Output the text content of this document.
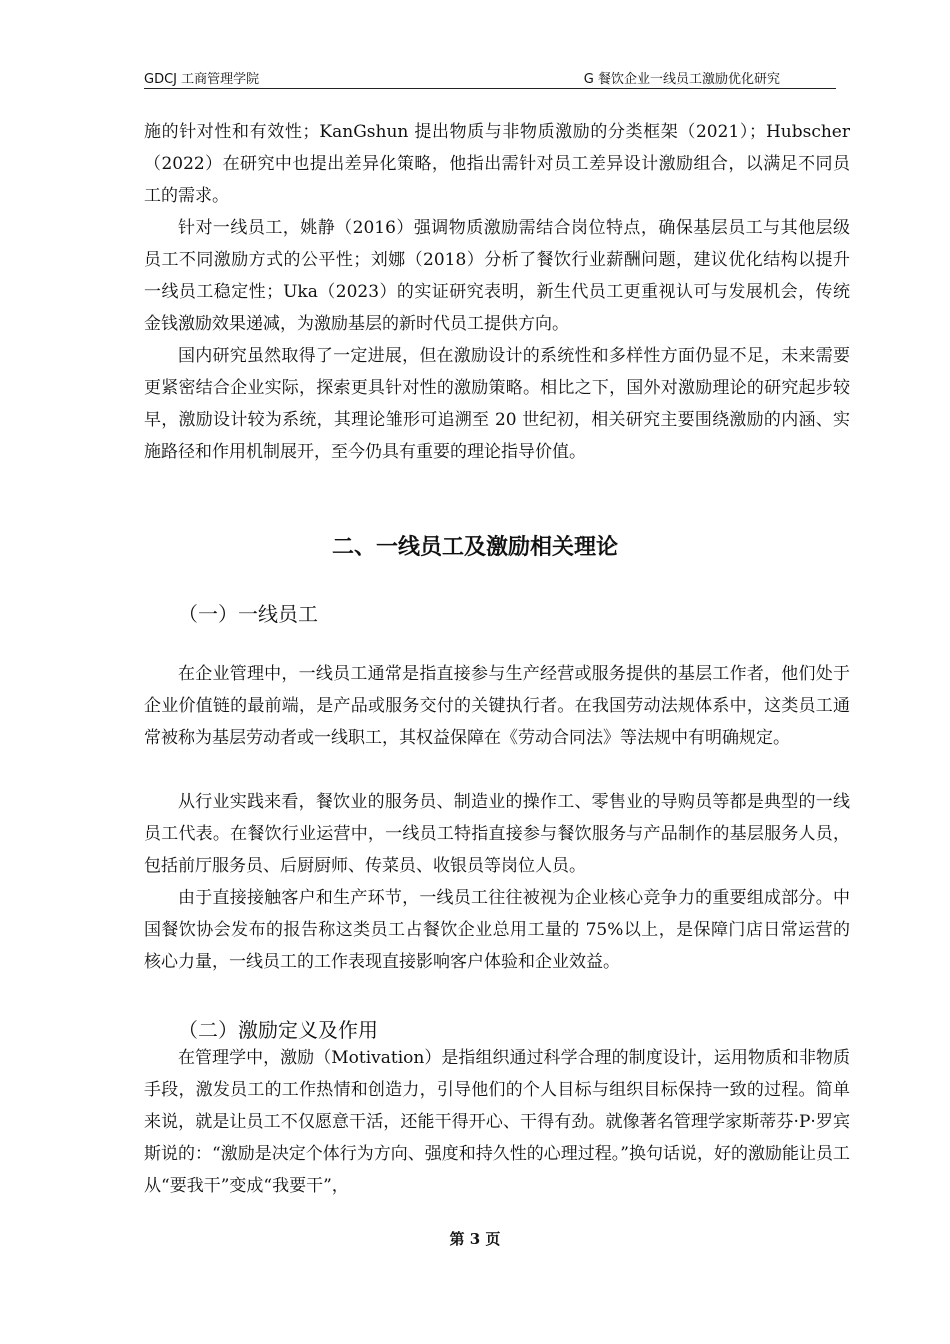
GDCJ 工商管理学院	G 餐饮企业一线员工激励优化研究

施的针对性和有效性；KanGshun 提出物质与非物质激励的分类框架（2021）；Hubscher（2022）在研究中也提出差异化策略，他指出需针对员工差异设计激励组合，以满足不同员工的需求。

针对一线员工，姚静（2016）强调物质激励需结合岗位特点，确保基层员工与其他层级员工不同激励方式的公平性；刘娜（2018）分析了餐饮行业薪酬问题，建议优化结构以提升一线员工稳定性；Uka（2023）的实证研究表明，新生代员工更重视认可与发展机会，传统金钱激励效果递减，为激励基层的新时代员工提供方向。

国内研究虽然取得了一定进展，但在激励设计的系统性和多样性方面仍显不足，未来需要更紧密结合企业实际，探索更具针对性的激励策略。相比之下，国外对激励理论的研究起步较早，激励设计较为系统，其理论雏形可追溯至 20 世纪初，相关研究主要围绕激励的内涵、实施路径和作用机制展开，至今仍具有重要的理论指导价值。

二、一线员工及激励相关理论
（一）一线员工

在企业管理中，一线员工通常是指直接参与生产经营或服务提供的基层工作者，他们处于企业价值链的最前端，是产品或服务交付的关键执行者。在我国劳动法规体系中，这类员工通常被称为基层劳动者或一线职工，其权益保障在《劳动合同法》等法规中有明确规定。

从行业实践来看，餐饮业的服务员、制造业的操作工、零售业的导购员等都是典型的一线员工代表。在餐饮行业运营中，一线员工特指直接参与餐饮服务与产品制作的基层服务人员，包括前厅服务员、后厨厨师、传菜员、收银员等岗位人员。

由于直接接触客户和生产环节，一线员工往往被视为企业核心竞争力的重要组成部分。中国餐饮协会发布的报告称这类员工占餐饮企业总用工量的 75%以上，是保障门店日常运营的核心力量，一线员工的工作表现直接影响客户体验和企业效益。

（二）激励定义及作用

在管理学中，激励（Motivation）是指组织通过科学合理的制度设计，运用物质和非物质手段，激发员工的工作热情和创造力，引导他们的个人目标与组织目标保持一致的过程。简单来说，就是让员工不仅愿意干活，还能干得开心、干得有劲。就像著名管理学家斯蒂芬·P·罗宾斯说的：“激励是决定个体行为方向、强度和持久性的心理过程。”换句话说，好的激励能让员工从“要我干”变成“我要干”，

第 3 页
